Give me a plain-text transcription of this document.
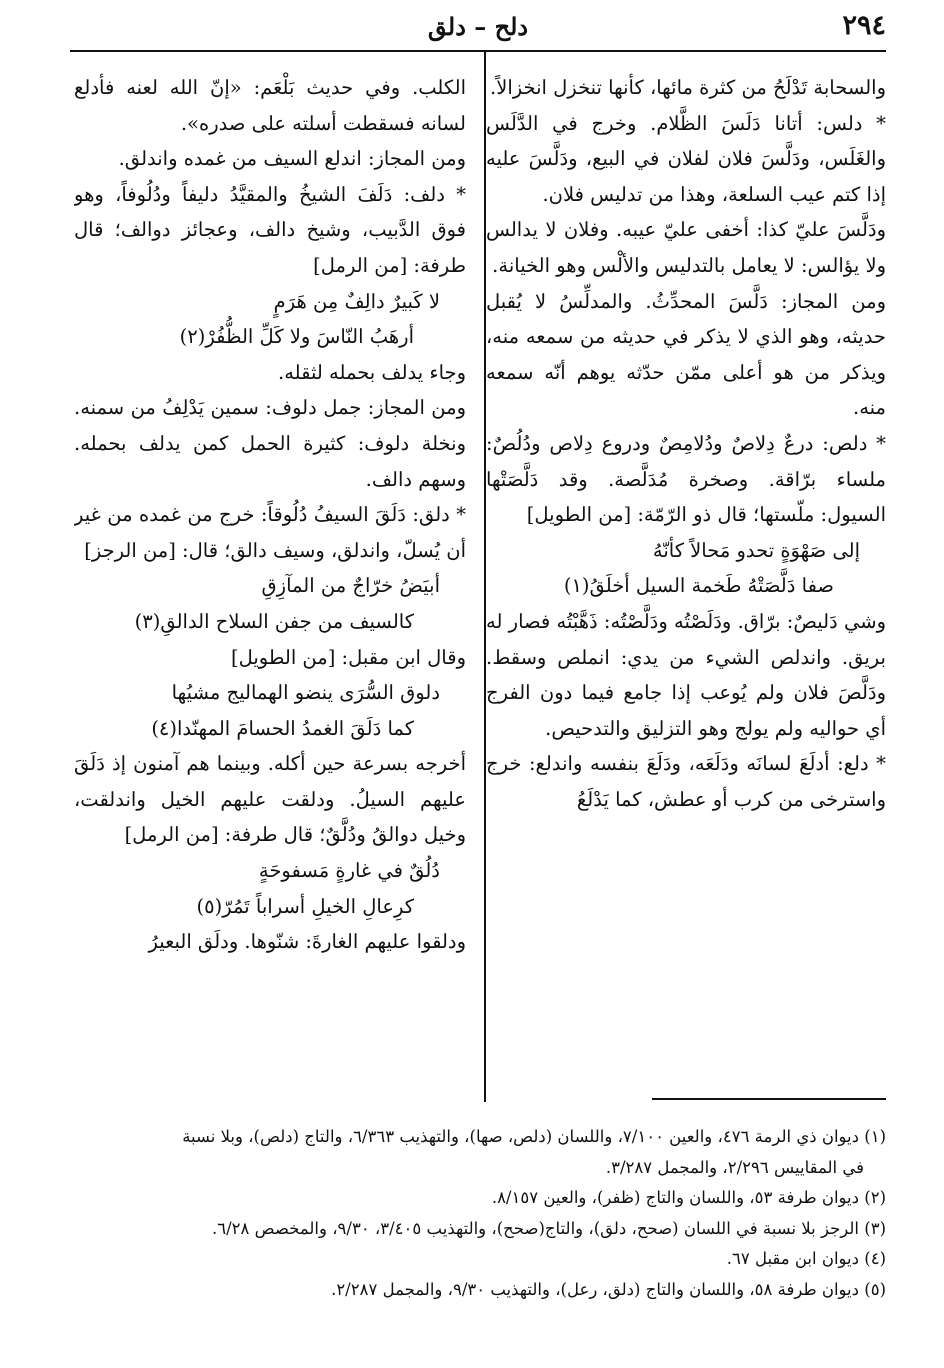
٢٩٤
دلح – دلق

والسحابة تَدْلَحُ من كثرة مائها، كأنها تنخزل انخزالاً.

* دلس: أتانا دَلَسَ الظَّلام. وخرج في الدَّلَس والغَلَس، ودَلَّسَ فلان لفلان في البيع، ودَلَّسَ عليه إذا كتم عيب السلعة، وهذا من تدليس فلان.

ودَلَّسَ عليّ كذا: أخفى عليّ عيبه. وفلان لا يدالس ولا يؤالس: لا يعامل بالتدليس والألْس وهو الخيانة.

ومن المجاز: دَلَّسَ المحدِّثُ. والمدلِّسُ لا يُقبل حديثه، وهو الذي لا يذكر في حديثه من سمعه منه، ويذكر من هو أعلى ممّن حدّثه يوهم أنّه سمعه منه.

* دلص: درعٌ دِلاصٌ ودُلامِصٌ ودروع دِلاص ودُلُصٌ: ملساء برّاقة. وصخرة مُدَلَّصة. وقد دَلَّصَتْها السيول: ملّستها؛ قال ذو الرّمّة: [من الطويل]

إلى صَهْوَةٍ تحدو مَحالاً كأنّهُ

صفا دَلَّصَتْهُ طَخمة السيل أخلَقُ(١)

وشي دَليصٌ: برّاق. ودَلَصْتُه ودَلَّصْتُه: ذَهَّبْتُه فصار له بريق. واندلص الشيء من يدي: انملص وسقط. ودَلَّصَ فلان ولم يُوعب إذا جامع فيما دون الفرج أي حواليه ولم يولج وهو التزليق والتدحيص.

* دلع: أدلَعَ لسانَه ودَلَعَه، ودَلَعَ بنفسه واندلع: خرج واسترخى من كرب أو عطش، كما يَدْلَعُ

الكلب. وفي حديث بَلْعَم: «إنّ الله لعنه فأدلع لسانه فسقطت أسلته على صدره».

ومن المجاز: اندلع السيف من غمده واندلق.

* دلف: دَلَفَ الشيخُ والمقيَّدُ دليفاً ودُلُوفاً، وهو فوق الدَّبيب، وشيخ دالف، وعجائز دوالف؛ قال طرفة: [من الرمل]

لا كَبيرٌ دالِفٌ مِن هَرَمٍ

أرهَبُ النّاسَ ولا كَلِّ الظُّفُرْ(٢)

وجاء يدلف بحمله لثقله.

ومن المجاز: جمل دلوف: سمين يَدْلِفُ من سمنه. ونخلة دلوف: كثيرة الحمل كمن يدلف بحمله. وسهم دالف.

* دلق: دَلَقَ السيفُ دُلُوقاً: خرج من غمده من غير أن يُسلّ، واندلق، وسيف دالق؛ قال: [من الرجز]

أبيَضُ خرّاجٌ من المآزِقِ

كالسيف من جفن السلاح الدالقِ(٣)

وقال ابن مقبل: [من الطويل]

دلوق السُّرَى ينضو الهماليج مشيُها

كما دَلَقَ الغمدُ الحسامَ المهنّدا(٤)

أخرجه بسرعة حين أكله. وبينما هم آمنون إذ دَلَقَ عليهم السيلُ. ودلقت عليهم الخيل واندلقت، وخيل دوالقُ ودُلَّقٌ؛ قال طرفة: [من الرمل]

دُلُقٌ في غارةٍ مَسفوحَةٍ

كرِعالِ الخيلِ أسراباً تَمُرّ(٥)

ودلقوا عليهم الغارةَ: شنّوها. ودلَق البعيرُ

(١) ديوان ذي الرمة ٤٧٦، والعين ٧/١٠٠، واللسان (دلص، صها)، والتهذيب ٦/٣٦٣، والتاج (دلص)، وبلا نسبة

في المقاييس ٢/٢٩٦، والمجمل ٣/٢٨٧.

(٢) ديوان طرفة ٥٣، واللسان والتاج (ظفر)، والعين ٨/١٥٧.

(٣) الرجز بلا نسبة في اللسان (صحح، دلق)، والتاج(صحح)، والتهذيب ٣/٤٠٥، ٩/٣٠، والمخصص ٦/٢٨.

(٤) ديوان ابن مقبل ٦٧.

(٥) ديوان طرفة ٥٨، واللسان والتاج (دلق، رعل)، والتهذيب ٩/٣٠، والمجمل ٢/٢٨٧.
